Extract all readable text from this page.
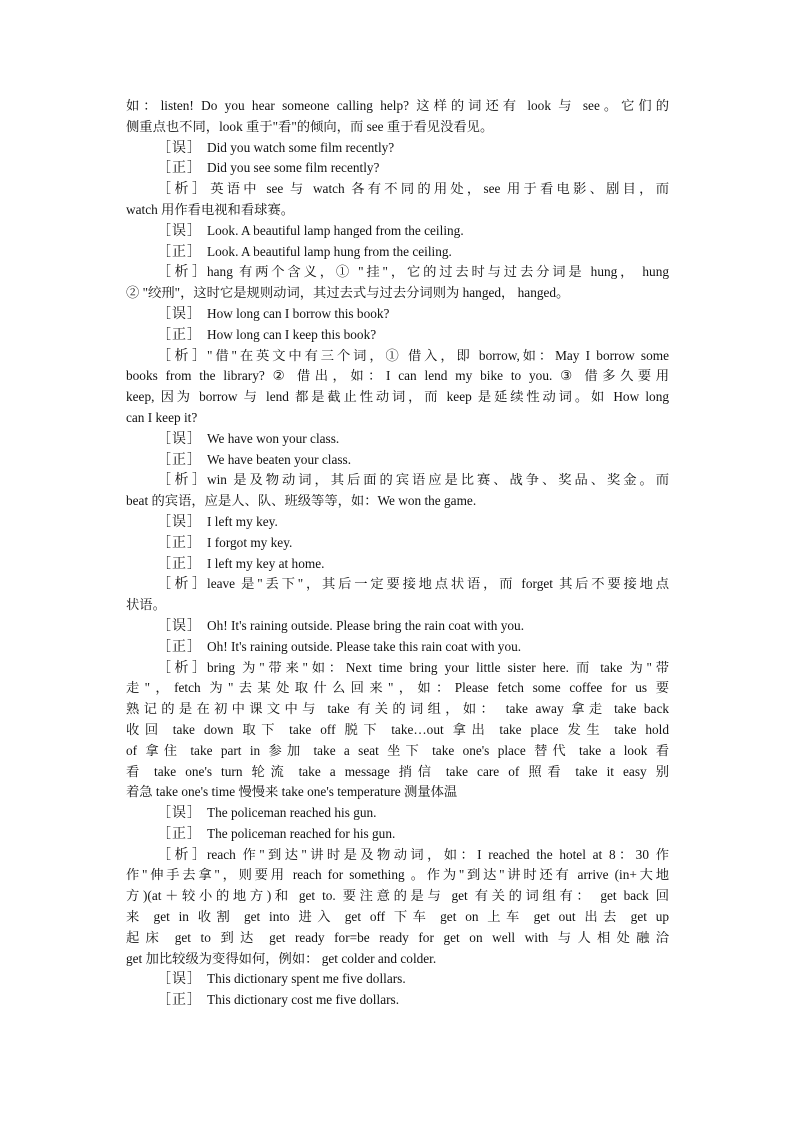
如：listen! Do you hear someone calling help? 这样的词还有 look 与 see。它们的
侧重点也不同，look 重于"看"的倾向，而 see 重于看见没看见。
［误］ Did you watch some film recently?
［正］ Did you see some film recently?
［析］英语中 see 与 watch 各有不同的用处，see 用于看电影、剧目，而
watch 用作看电视和看球赛。
［误］ Look. A beautiful lamp hanged from the ceiling.
［正］ Look. A beautiful lamp hung from the ceiling.
［析］hang 有两个含义，① "挂"，它的过去时与过去分词是 hung， hung
② "绞刑"，这时它是规则动词，其过去式与过去分词则为 hanged， hanged。
［误］ How long can I borrow this book?
［正］ How long can I keep this book?
［析］"借"在英文中有三个词，① 借入，即 borrow,如：May I borrow some
books from the library? ② 借出，如：I can lend my bike to you. ③ 借多久要用
keep, 因为 borrow 与 lend 都是截止性动词，而 keep 是延续性动词。如 How long
can I keep it?
［误］ We have won your class.
［正］ We have beaten your class.
［析］win 是及物动词，其后面的宾语应是比赛、战争、奖品、奖金。而
beat 的宾语，应是人、队、班级等等，如：We won the game.
［误］ I left my key.
［正］ I forgot my key.
［正］ I left my key at home.
［析］leave 是"丢下"，其后一定要接地点状语，而 forget 其后不要接地点
状语。
［误］ Oh! It's raining outside. Please bring the rain coat with you.
［正］ Oh! It's raining outside. Please take this rain coat with you.
［析］bring 为"带来"如：Next time bring your little sister here. 而 take 为"带
走"，fetch 为"去某处取什么回来"，如：Please fetch some coffee for us 要
熟记的是在初中课文中与 take 有关的词组，如： take away 拿走 take back
收回 take down 取下 take off 脱下 take…out 拿出 take place 发生 take hold
of 拿住 take part in 参加 take a seat 坐下 take one's place 替代 take a look 看
看 take one's turn 轮流 take a message 捎信 take care of 照看 take it easy 别
着急 take one's time 慢慢来 take one's temperature 测量体温
［误］ The policeman reached his gun.
［正］ The policeman reached for his gun.
［析］reach 作"到达"讲时是及物动词，如：I reached the hotel at 8：30 作
作"伸手去拿"，则要用 reach for something 。作为"到达"讲时还有 arrive (in+大地
方)(at＋较小的地方)和 get to. 要注意的是与 get 有关的词组有： get back 回
来 get in 收割 get into 进入 get off 下车 get on 上车 get out 出去 get up
起床 get to 到达 get ready for=be ready for get on well with 与人相处融洽
get 加比较级为变得如何，例如： get colder and colder.
［误］ This dictionary spent me five dollars.
［正］ This dictionary cost me five dollars.
